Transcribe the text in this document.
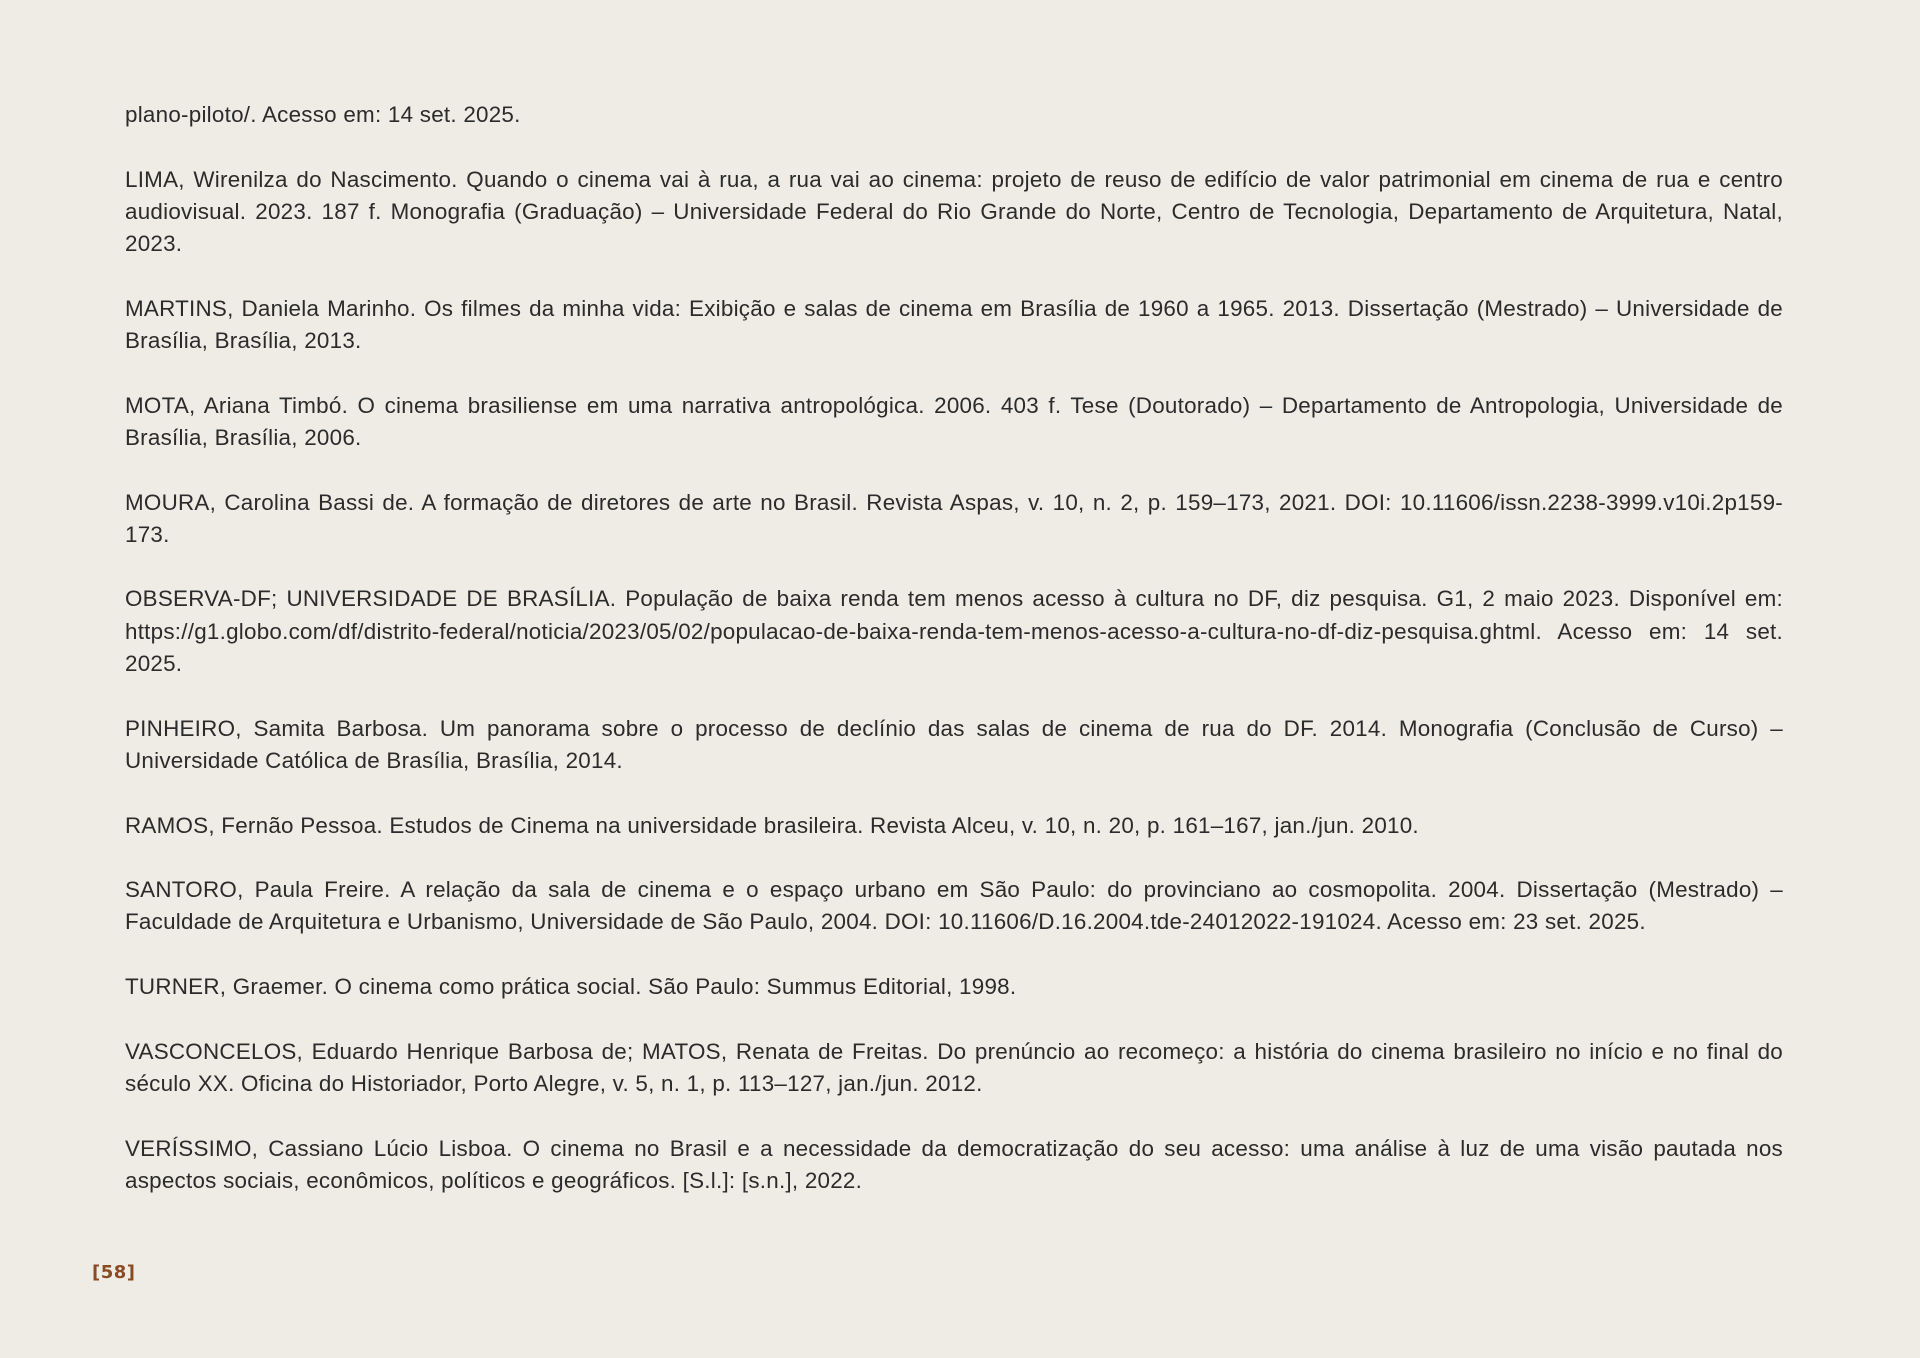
plano-piloto/. Acesso em: 14 set. 2025.

LIMA, Wirenilza do Nascimento. Quando o cinema vai à rua, a rua vai ao cinema: projeto de reuso de edifício de valor patrimonial em cinema de rua e centro audiovisual. 2023. 187 f. Monografia (Graduação) – Universidade Federal do Rio Grande do Norte, Centro de Tecnologia, Departamento de Arquitetura, Natal, 2023.

MARTINS, Daniela Marinho. Os filmes da minha vida: Exibição e salas de cinema em Brasília de 1960 a 1965. 2013. Dissertação (Mestrado) – Universidade de Brasília, Brasília, 2013.

MOTA, Ariana Timbó. O cinema brasiliense em uma narrativa antropológica. 2006. 403 f. Tese (Doutorado) – Departamento de Antropologia, Universidade de Brasília, Brasília, 2006.

MOURA, Carolina Bassi de. A formação de diretores de arte no Brasil. Revista Aspas, v. 10, n. 2, p. 159–173, 2021. DOI: 10.11606/issn.2238-3999.v10i.2p159-173.

OBSERVA-DF; UNIVERSIDADE DE BRASÍLIA. População de baixa renda tem menos acesso à cultura no DF, diz pesquisa. G1, 2 maio 2023. Disponível em: https://g1.globo.com/df/distrito-federal/noticia/2023/05/02/populacao-de-baixa-renda-tem-menos-acesso-a-cultura-no-df-diz-pesquisa.ghtml. Acesso em: 14 set. 2025.

PINHEIRO, Samita Barbosa. Um panorama sobre o processo de declínio das salas de cinema de rua do DF. 2014. Monografia (Conclusão de Curso) – Universidade Católica de Brasília, Brasília, 2014.

RAMOS, Fernão Pessoa. Estudos de Cinema na universidade brasileira. Revista Alceu, v. 10, n. 20, p. 161–167, jan./jun. 2010.

SANTORO, Paula Freire. A relação da sala de cinema e o espaço urbano em São Paulo: do provinciano ao cosmopolita. 2004. Dissertação (Mestrado) – Faculdade de Arquitetura e Urbanismo, Universidade de São Paulo, 2004. DOI: 10.11606/D.16.2004.tde-24012022-191024. Acesso em: 23 set. 2025.

TURNER, Graemer. O cinema como prática social. São Paulo: Summus Editorial, 1998.

VASCONCELOS, Eduardo Henrique Barbosa de; MATOS, Renata de Freitas. Do prenúncio ao recomeço: a história do cinema brasileiro no início e no final do século XX. Oficina do Historiador, Porto Alegre, v. 5, n. 1, p. 113–127, jan./jun. 2012.

VERÍSSIMO, Cassiano Lúcio Lisboa. O cinema no Brasil e a necessidade da democratização do seu acesso: uma análise à luz de uma visão pautada nos aspectos sociais, econômicos, políticos e geográficos. [S.l.]: [s.n.], 2022.

[58]
